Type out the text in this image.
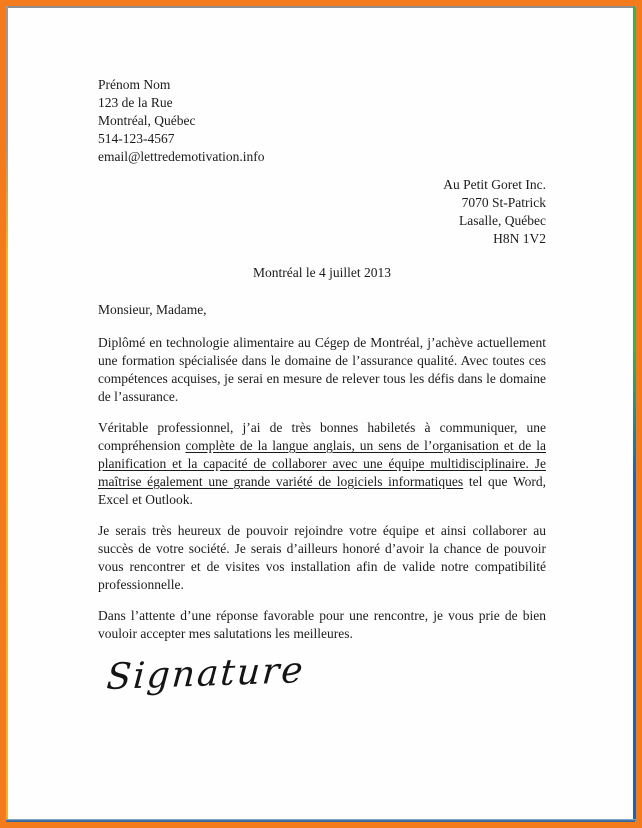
Prénom Nom
123 de la Rue
Montréal, Québec
514-123-4567
email@lettredemotivation.info
Au Petit Goret Inc.
7070 St-Patrick
Lasalle, Québec
H8N 1V2
Montréal le 4 juillet 2013
Monsieur, Madame,

Diplômé en technologie alimentaire au Cégep de Montréal, j’achève actuellement une formation spécialisée dans le domaine de l’assurance qualité. Avec toutes ces compétences acquises, je serai en mesure de relever tous les défis dans le domaine de l’assurance.

Véritable professionnel, j’ai de très bonnes habiletés à communiquer, une compréhension complète de la langue anglais, un sens de l’organisation et de la planification et la capacité de collaborer avec une équipe multidisciplinaire. Je maîtrise également une grande variété de logiciels informatiques tel que Word, Excel et Outlook.

Je serais très heureux de pouvoir rejoindre votre équipe et ainsi collaborer au succès de votre société. Je serais d’ailleurs honoré d’avoir la chance de pouvoir vous rencontrer et de visites vos installation afin de valide notre compatibilité professionnelle.

Dans l’attente d’une réponse favorable pour une rencontre, je vous prie de bien vouloir accepter mes salutations les meilleures.

Signature
